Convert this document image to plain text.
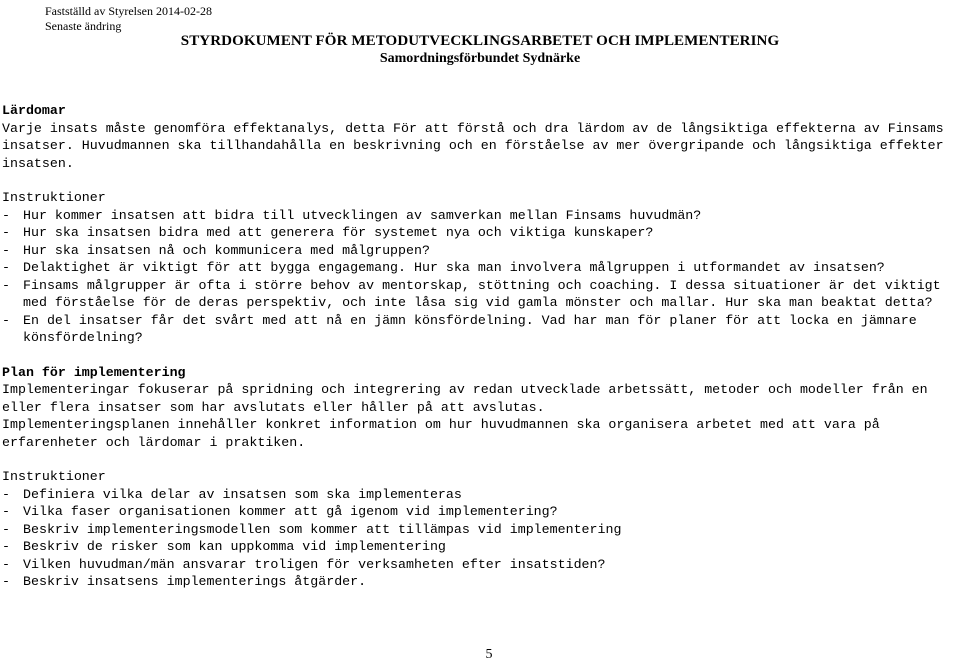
Fastställd av Styrelsen 2014-02-28
Senaste ändring
STYRDOKUMENT FÖR METODUTVECKLINGSARBETET OCH IMPLEMENTERING
Samordningsförbundet Sydnärke
Lärdomar
Varje insats måste genomföra effektanalys, detta För att förstå och dra lärdom av de långsiktiga effekterna av Finsams insatser. Huvudmannen ska tillhandahålla en beskrivning och en förståelse av mer övergripande och långsiktiga effekter insatsen.
Instruktioner
- Hur kommer insatsen att bidra till utvecklingen av samverkan mellan Finsams huvudmän?
- Hur ska insatsen bidra med att generera för systemet nya och viktiga kunskaper?
- Hur ska insatsen nå och kommunicera med målgruppen?
- Delaktighet är viktigt för att bygga engagemang. Hur ska man involvera målgruppen i utformandet av insatsen?
- Finsams målgrupper är ofta i större behov av mentorskap, stöttning och coaching. I dessa situationer är det viktigt med förståelse för de deras perspektiv, och inte låsa sig vid gamla mönster och mallar. Hur ska man beaktat detta?
- En del insatser får det svårt med att nå en jämn könsfördelning. Vad har man för planer för att locka en jämnare könsfördelning?
Plan för implementering
Implementeringar fokuserar på spridning och integrering av redan utvecklade arbetssätt, metoder och modeller från en eller flera insatser som har avslutats eller håller på att avslutas.
Implementeringsplanen innehåller konkret information om hur huvudmannen ska organisera arbetet med att vara på erfarenheter och lärdomar i praktiken.
Instruktioner
- Definiera vilka delar av insatsen som ska implementeras
- Vilka faser organisationen kommer att gå igenom vid implementering?
- Beskriv implementeringsmodellen som kommer att tillämpas vid implementering
- Beskriv de risker som kan uppkomma vid implementering
- Vilken huvudman/män ansvarar troligen för verksamheten efter insatstiden?
- Beskriv insatsens implementerings åtgärder.
5
